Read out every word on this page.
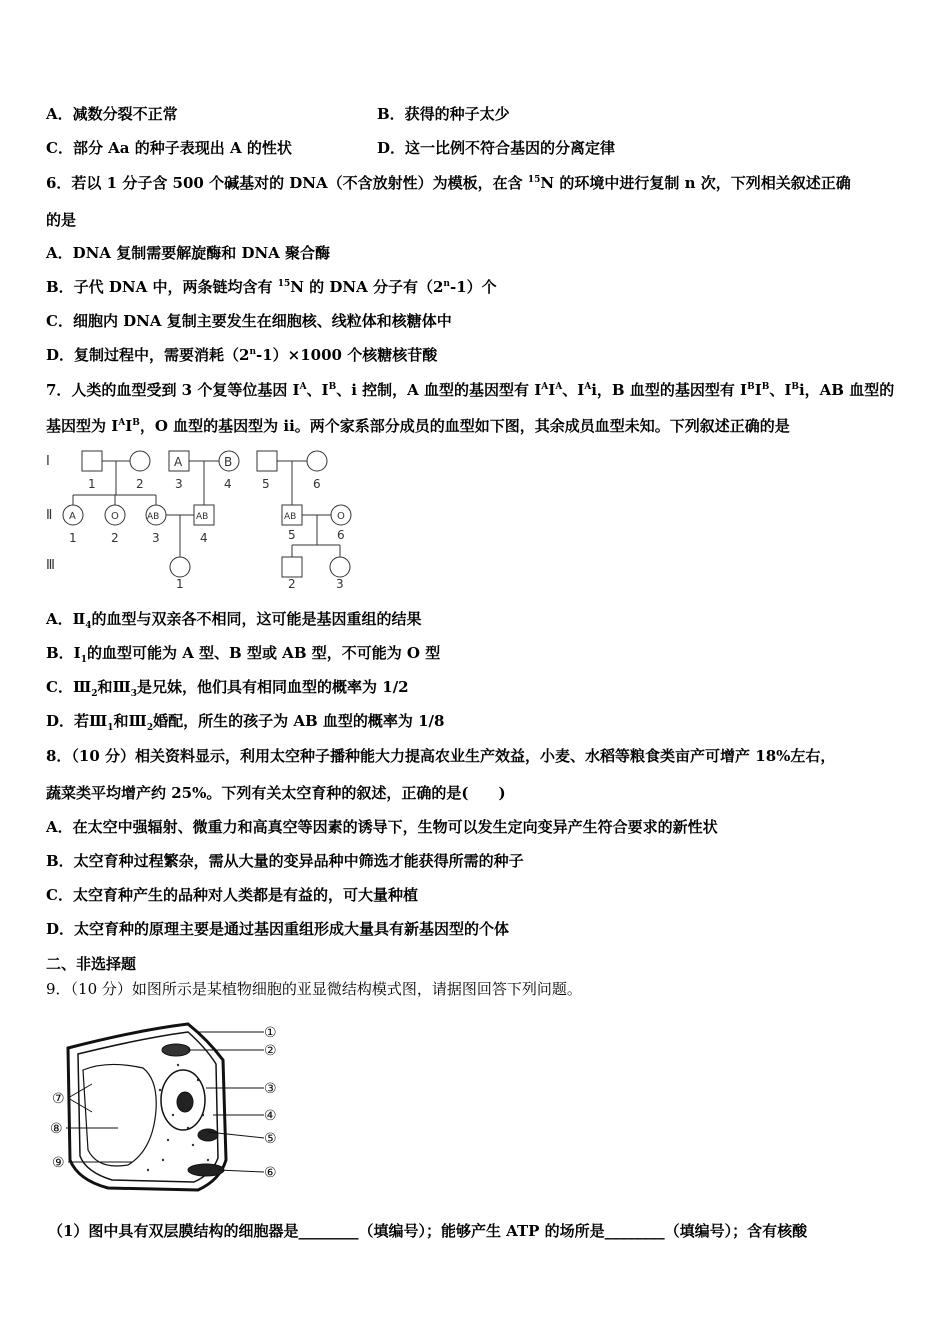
A．减数分裂不正常	B．获得的种子太少
C．部分 Aa 的种子表现出 A 的性状	D．这一比例不符合基因的分离定律
6．若以 1 分子含 500 个碱基对的 DNA（不含放射性）为模板，在含 $^{15}$N 的环境中进行复制 n 次，下列相关叙述正确
的是
A．DNA 复制需要解旋酶和 DNA 聚合酶
B．子代 DNA 中，两条链均含有 $^{15}$N 的 DNA 分子有（2$^n$-1）个
C．细胞内 DNA 复制主要发生在细胞核、线粒体和核糖体中
D．复制过程中，需要消耗$(2^n-1)\times 1000$ 个核糖核苷酸
7．人类的血型受到 3 个复等位基因 $I^A$、$I^B$、i 控制，A 血型的基因型有 $I^AI^A$、$I^Ai$，B 血型的基因型有 $I^BI^B$、$I^Bi$，AB 血型的
基因型为 $I^AI^B$，O 血型的基因型为 ii。两个家系部分成员的血型如下图，其余成员血型未知。下列叙述正确的是
Ⅰ
Ⅱ
Ⅲ
A	B
1	2	3	4
A	O	AB	AB
1	2	3	4
1
5	6
AB	O
5	6
2	3
A．$Ⅱ_4$的血型与双亲各不相同，这可能是基因重组的结果
B．$I_1$的血型可能为 A 型、B 型或 AB 型，不可能为 O 型
C．$Ⅲ_2$和$Ⅲ_3$是兄妹，他们具有相同血型的概率为 1/2
D．若$Ⅲ_1$和$Ⅲ_2$婚配，所生的孩子为 AB 血型的概率为 1/8
8．（10 分）相关资料显示，利用太空种子播种能大力提高农业生产效益，小麦、水稻等粮食类亩产可增产 18%左右，
蔬菜类平均增产约 25%。下列有关太空育种的叙述，正确的是(　　)
A．在太空中强辐射、微重力和高真空等因素的诱导下，生物可以发生定向变异产生符合要求的新性状
B．太空育种过程繁杂，需从大量的变异品种中筛选才能获得所需的种子
C．太空育种产生的品种对人类都是有益的，可大量种植
D．太空育种的原理主要是通过基因重组形成大量具有新基因型的个体
二、非选择题
9．（10 分）如图所示是某植物细胞的亚显微结构模式图，请据图回答下列问题。
①
②
③
④
⑤
⑥
⑦
⑧
⑨
（1）图中具有双层膜结构的细胞器是________（填编号）；能够产生 ATP 的场所是________（填编号）；含有核酸
